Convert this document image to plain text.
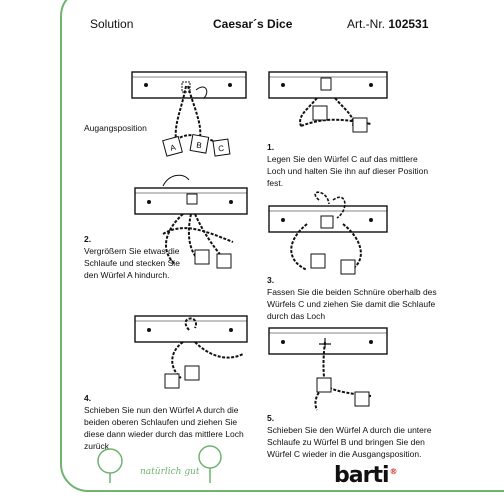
Solution	Caesar´s Dice	Art.-Nr. 102531
A B C
Augangsposition
1.
Legen Sie den Würfel C auf das mittlere Loch und halten Sie ihn auf dieser Position fest.
2.
Vergrößern Sie etwas die Schlaufe und stecken Sie den Würfel A hindurch.	3.
Fassen Sie die beiden Schnüre oberhalb des Würfels C und ziehen Sie damit die Schlaufe durch das Loch
4.
Schieben Sie nun den Würfel A durch die beiden oberen Schlaufen und ziehen Sie diese dann wieder durch das mittlere Loch zurück
5.
Schieben Sie den Würfel A durch die untere Schlaufe zu Würfel B und bringen Sie den Würfel C wieder in die Ausgangsposition.
natürlich gut	barti®
